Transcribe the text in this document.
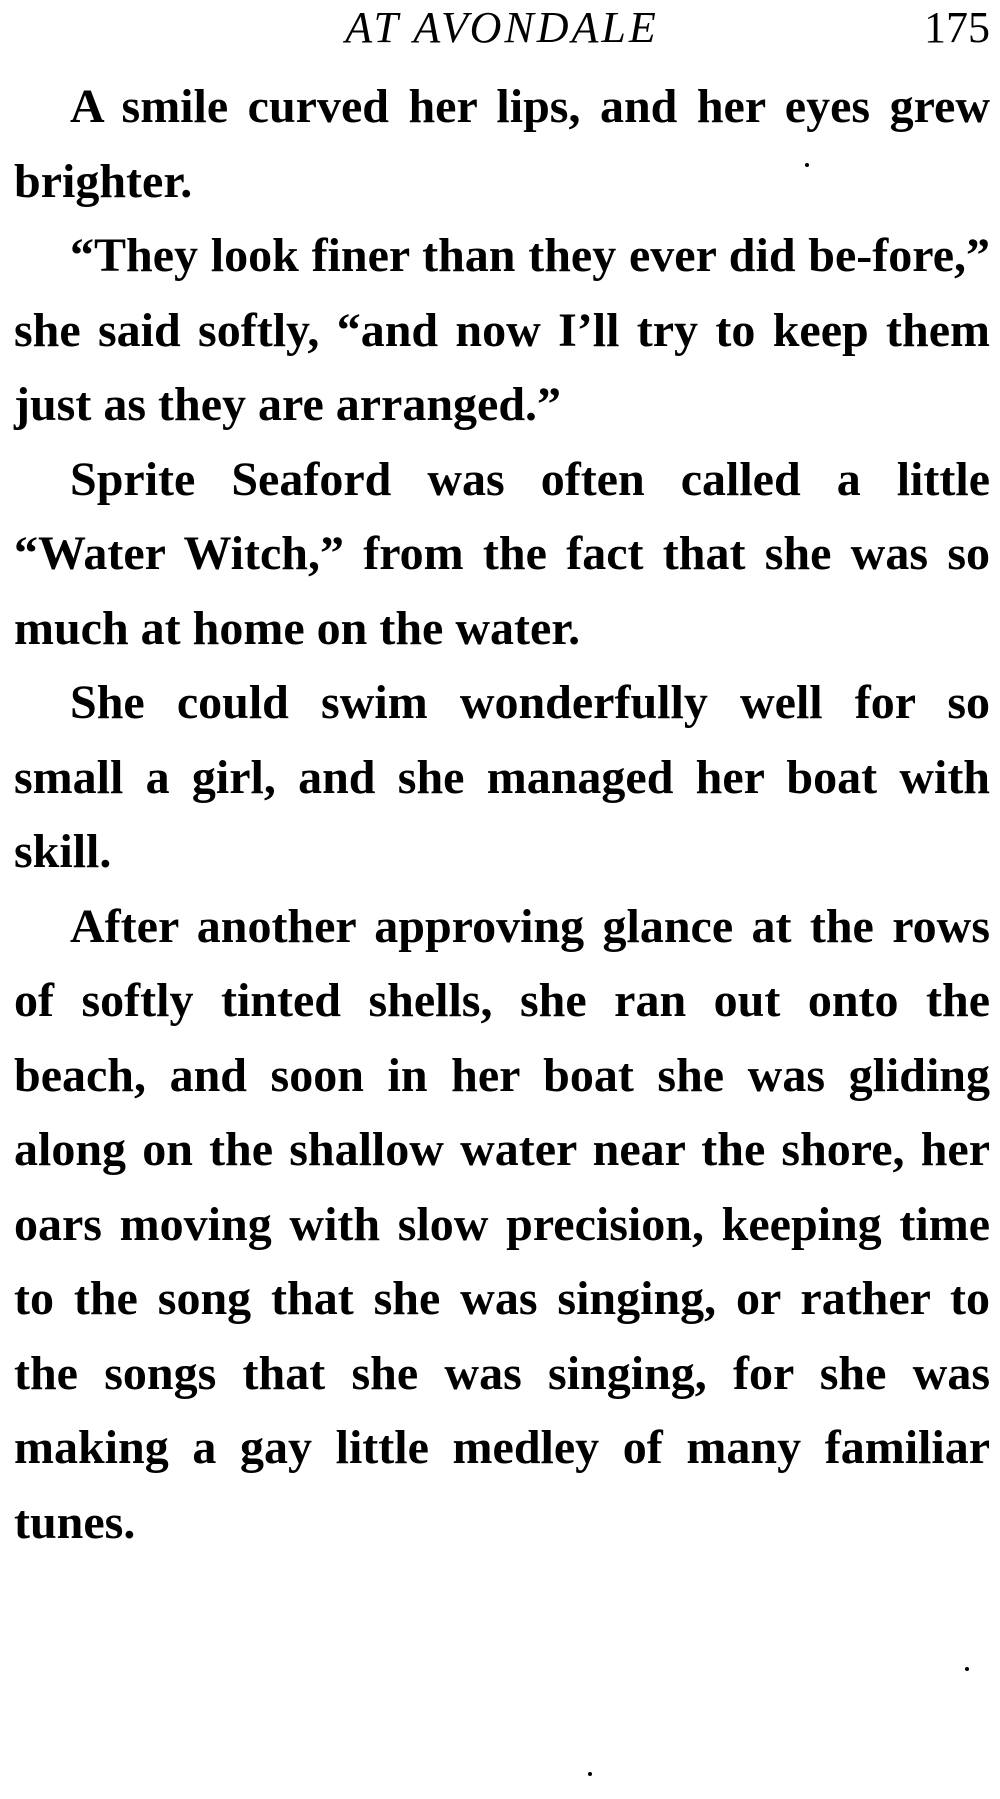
AT AVONDALE	175

A smile curved her lips, and her eyes grew brighter.

“They look finer than they ever did be-fore,” she said softly, “and now I’ll try to keep them just as they are arranged.”

Sprite Seaford was often called a little “Water Witch,” from the fact that she was so much at home on the water.

She could swim wonderfully well for so small a girl, and she managed her boat with skill.

After another approving glance at the rows of softly tinted shells, she ran out onto the beach, and soon in her boat she was gliding along on the shallow water near the shore, her oars moving with slow precision, keeping time to the song that she was singing, or rather to the songs that she was singing, for she was making a gay little medley of many familiar tunes.
